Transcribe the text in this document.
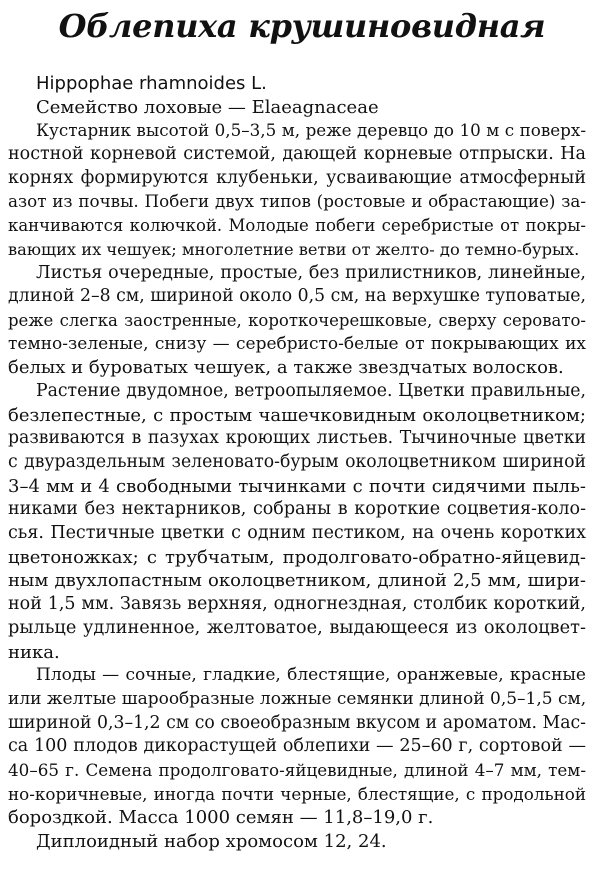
Облепиха крушиновидная
Hippophae rhamnoides L.
Семейство лоховые — Elaeagnaceae
Кустарник высотой 0,5–3,5 м, реже деревцо до 10 м с поверх-
ностной корневой системой, дающей корневые отпрыски. На
корнях формируются клубеньки, усваивающие атмосферный
азот из почвы. Побеги двух типов (ростовые и обрастающие) за-
канчиваются колючкой. Молодые побеги серебристые от покры-
вающих их чешуек; многолетние ветви от желто- до темно-бурых.
Листья очередные, простые, без прилистников, линейные,
длиной 2–8 см, шириной около 0,5 см, на верхушке туповатые,
реже слегка заостренные, короткочерешковые, сверху серовато-
темно-зеленые, снизу — серебристо-белые от покрывающих их
белых и буроватых чешуек, а также звездчатых волосков.
Растение двудомное, ветроопыляемое. Цветки правильные,
безлепестные, с простым чашечковидным околоцветником;
развиваются в пазухах кроющих листьев. Тычиночные цветки
с двураздельным зеленовато-бурым околоцветником шириной
3–4 мм и 4 свободными тычинками с почти сидячими пыль-
никами без нектарников, собраны в короткие соцветия-коло-
сья. Пестичные цветки с одним пестиком, на очень коротких
цветоножках; с трубчатым, продолговато-обратно-яйцевид-
ным двухлопастным околоцветником, длиной 2,5 мм, шири-
ной 1,5 мм. Завязь верхняя, одногнездная, столбик короткий,
рыльце удлиненное, желтоватое, выдающееся из околоцвет-
ника.
Плоды — сочные, гладкие, блестящие, оранжевые, красные
или желтые шарообразные ложные семянки длиной 0,5–1,5 см,
шириной 0,3–1,2 см со своеобразным вкусом и ароматом. Мас-
са 100 плодов дикорастущей облепихи — 25–60 г, сортовой —
40–65 г. Семена продолговато-яйцевидные, длиной 4–7 мм, тем-
но-коричневые, иногда почти черные, блестящие, с продольной
бороздкой. Масса 1000 семян — 11,8–19,0 г.
Диплоидный набор хромосом 12, 24.
